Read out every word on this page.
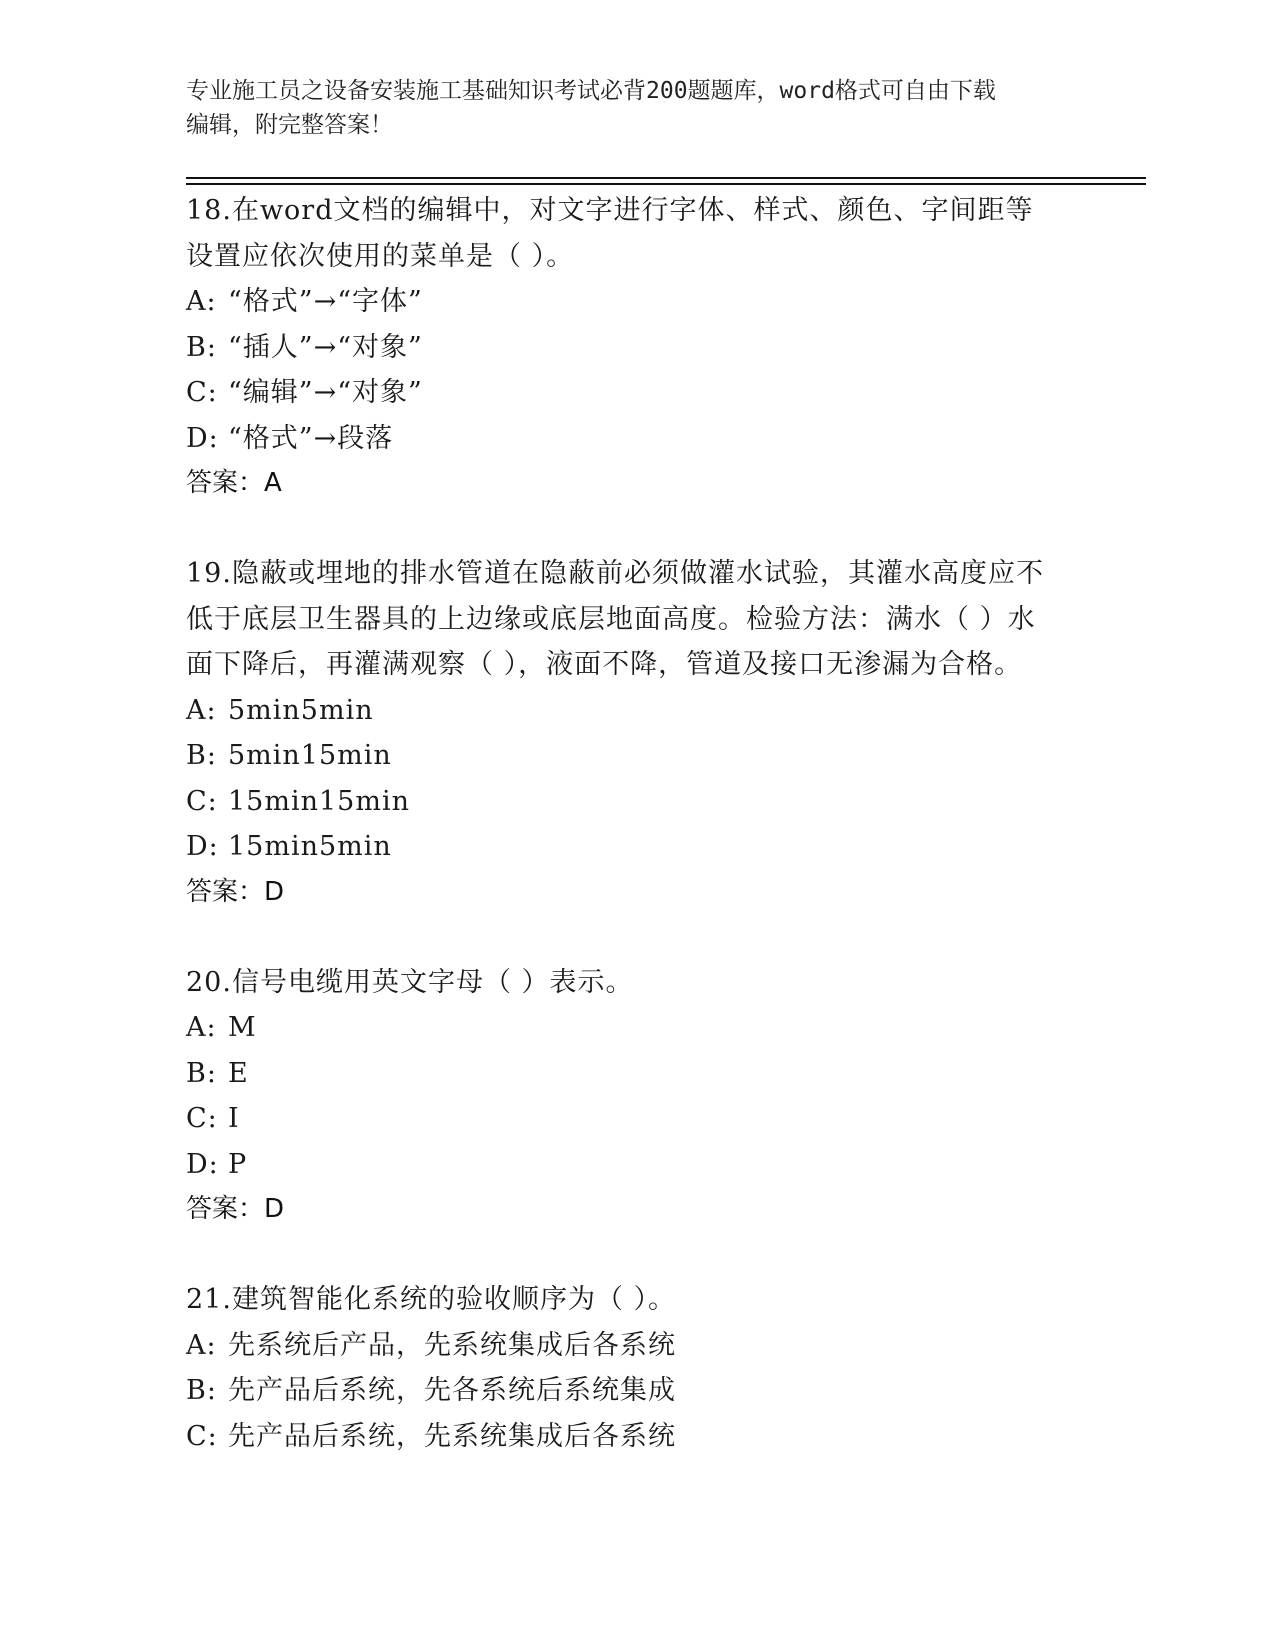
专业施工员之设备安装施工基础知识考试必背200题题库，word格式可自由下载
编辑，附完整答案！

18.在word文档的编辑中，对文字进行字体、样式、颜色、字间距等

设置应依次使用的菜单是（ ）。

A: “格式”→“字体”

B: “插人”→“对象”

C: “编辑”→“对象”

D: “格式”→段落

答案：A

19.隐蔽或埋地的排水管道在隐蔽前必须做灌水试验，其灌水高度应不

低于底层卫生器具的上边缘或底层地面高度。检验方法：满水（ ）水

面下降后，再灌满观察（ ），液面不降，管道及接口无渗漏为合格。

A: 5min5min

B: 5min15min

C: 15min15min

D: 15min5min

答案：D

20.信号电缆用英文字母（ ）表示。

A: M

B: E

C: I

D: P

答案：D

21.建筑智能化系统的验收顺序为（ ）。

A: 先系统后产品，先系统集成后各系统

B: 先产品后系统，先各系统后系统集成

C: 先产品后系统，先系统集成后各系统
